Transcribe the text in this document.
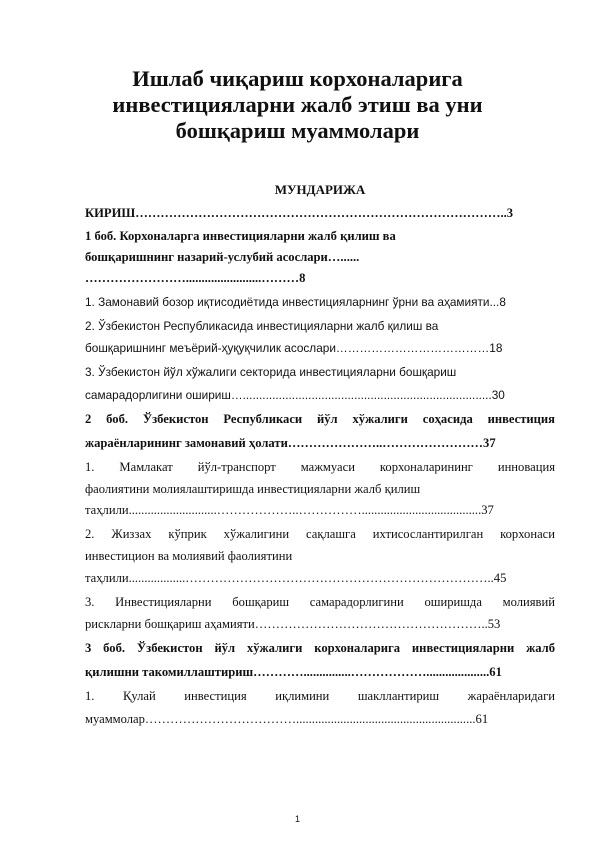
Ишлаб чиқариш корхоналарига
инвестицияларни жалб этиш ва уни
бошқариш муаммолари
МУНДАРИЖА
КИРИШ……………………………………………………………………………..3
1 боб. Корхоналарга инвестицияларни жалб қилиш ва
бошқаришнинг назарий-услубий асослари…......
……………………........................………8
1. Замонавий бозор иқтисодиётида инвестицияларнинг ўрни ва аҳамияти...8
2. Ўзбекистон Республикасида инвестицияларни жалб қилиш ва
бошқаришнинг меъёрий-ҳуқуқчилик асослари…………………………………18
3. Ўзбекистон йўл хўжалиги секторида инвестицияларни бошқариш
самарадорлигини ошириш…............................................................................30
2 боб. Ўзбекистон Республикаси йўл хўжалиги соҳасида инвестиция
жараёнларининг замонавий ҳолати…………………..……………………37
1. Мамлакат йўл-транспорт мажмуаси корхоналарининг инновация
фаолиятини молиялаштиришда инвестицияларни жалб қилиш
таҳлили............................………………..……………......................................37
2. Жиззах кўприк хўжалигини сақлашга ихтисослантирилган корхонаси
инвестицион ва молиявий фаолиятини
таҳлили..................………………………………………………………………..45
3. Инвестицияларни бошқариш самарадорлигини оширишда молиявий
рискларни бошқариш аҳамияти………………………………………………..53
3 боб. Ўзбекистон йўл хўжалиги корхоналарига инвестицияларни жалб
қилишни такомиллаштириш…………...............………………....................61
1. Қулай инвестиция иқлимини шакллантириш жараёнларидаги
муаммолар……………………………….........................................................61
1
